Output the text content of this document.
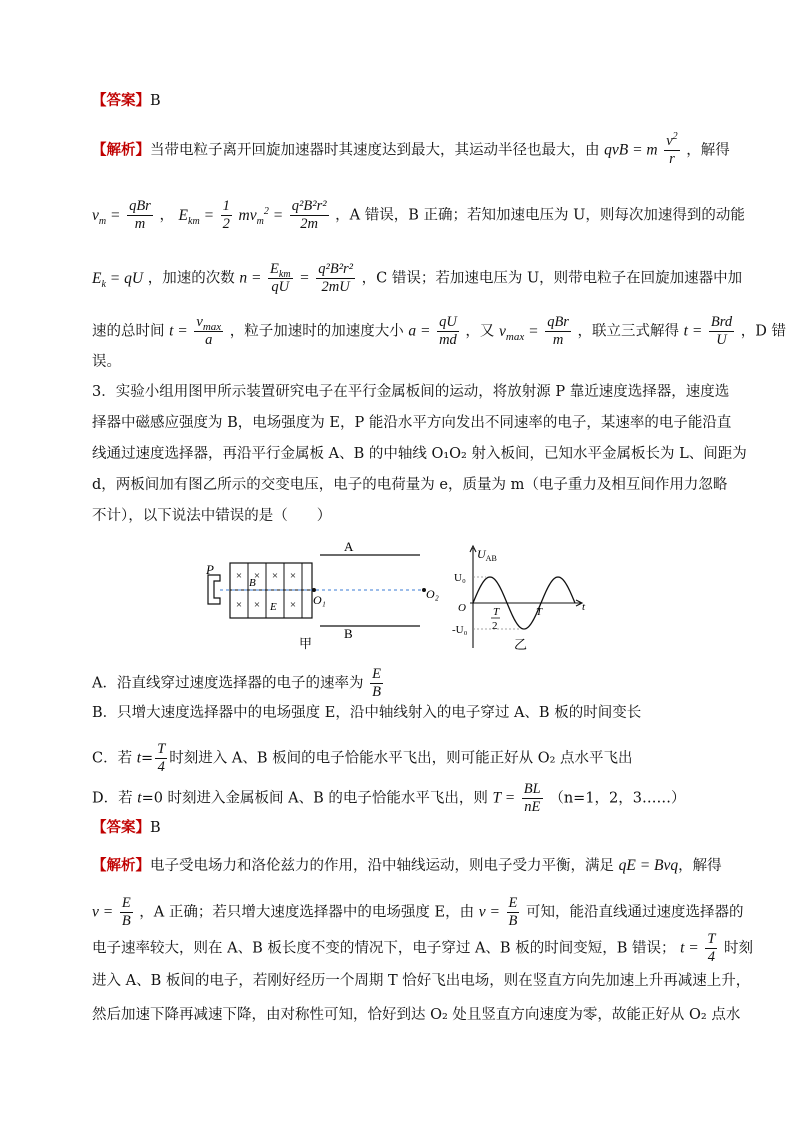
【答案】B
【解析】当带电粒子离开回旋加速器时其速度达到最大，其运动半径也最大，由 qvB = m $\frac{v^2}{r}$ ，解得
$v_m = \frac{\text{qBr}}{m}$ ， $E_{km} = \frac{1}{2} mv_m^2 = \frac{\text{q²B²r²}}{2m}$ ，A 错误，B 正确；若知加速电压为 U，则每次加速得到的动能
$E_k$ = qU ，加速的次数 $n = \frac{E_{km}}{qU} = \frac{\text{q²B²r²}}{2mU}$ ，C 错误；若加速电压为 U，则带电粒子在回旋加速器中加
速的总时间 $t = \frac{v_{max}}{a}$ ，粒子加速时的加速度大小 $a = \frac{qU}{md}$ ，又 $v_{max} = \frac{\text{qBr}}{m}$ ，联立三式解得 $t = \frac{\text{Brd}}{U}$ ，D 错
误。
3．实验小组用图甲所示装置研究电子在平行金属板间的运动，将放射源 P 靠近速度选择器，速度选
择器中磁感应强度为 B，电场强度为 E，P 能沿水平方向发出不同速率的电子，某速率的电子能沿直
线通过速度选择器，再沿平行金属板 A、B 的中轴线 O₁O₂ 射入板间，已知水平金属板长为 L、间距为
d，两板间加有图乙所示的交变电压，电子的电荷量为 e，质量为 m（电子重力及相互间作用力忽略
不计），以下说法中错误的是（　　）
A
B
P × × × ×
× ×	×
B
E	O₁	O₂
甲
$U_{AB}$
U₀
-U₀
O T
2
T	t
乙
A．沿直线穿过速度选择器的电子的速率为 $\frac{E}{B}$
B．只增大速度选择器中的电场强度 E，沿中轴线射入的电子穿过 A、B 板的时间变长
C．若 $t= \frac{T}{4}$ 时刻进入 A、B 板间的电子恰能水平飞出，则可能正好从 O₂ 点水平飞出
D．若 t=0 时刻进入金属板间 A、B 的电子恰能水平飞出，则 $T = \frac{BL}{nE} (n=1$，2，3……）
【答案】B
【解析】电子受电场力和洛伦兹力的作用，沿中轴线运动，则电子受力平衡，满足 qE = Bvq，解得
$v = \frac{E}{B}$ ，A 正确；若只增大速度选择器中的电场强度 E，由 $v = \frac{E}{B}$ 可知，能沿直线通过速度选择器的
电子速率较大，则在 A、B 板长度不变的情况下，电子穿过 A、B 板的时间变短，B 错误； $t = \frac{T}{4}$ 时刻
进入 A、B 板间的电子，若刚好经历一个周期 T 恰好飞出电场，则在竖直方向先加速上升再减速上升，
然后加速下降再减速下降，由对称性可知，恰好到达 O₂ 处且竖直方向速度为零，故能正好从 O₂ 点水
